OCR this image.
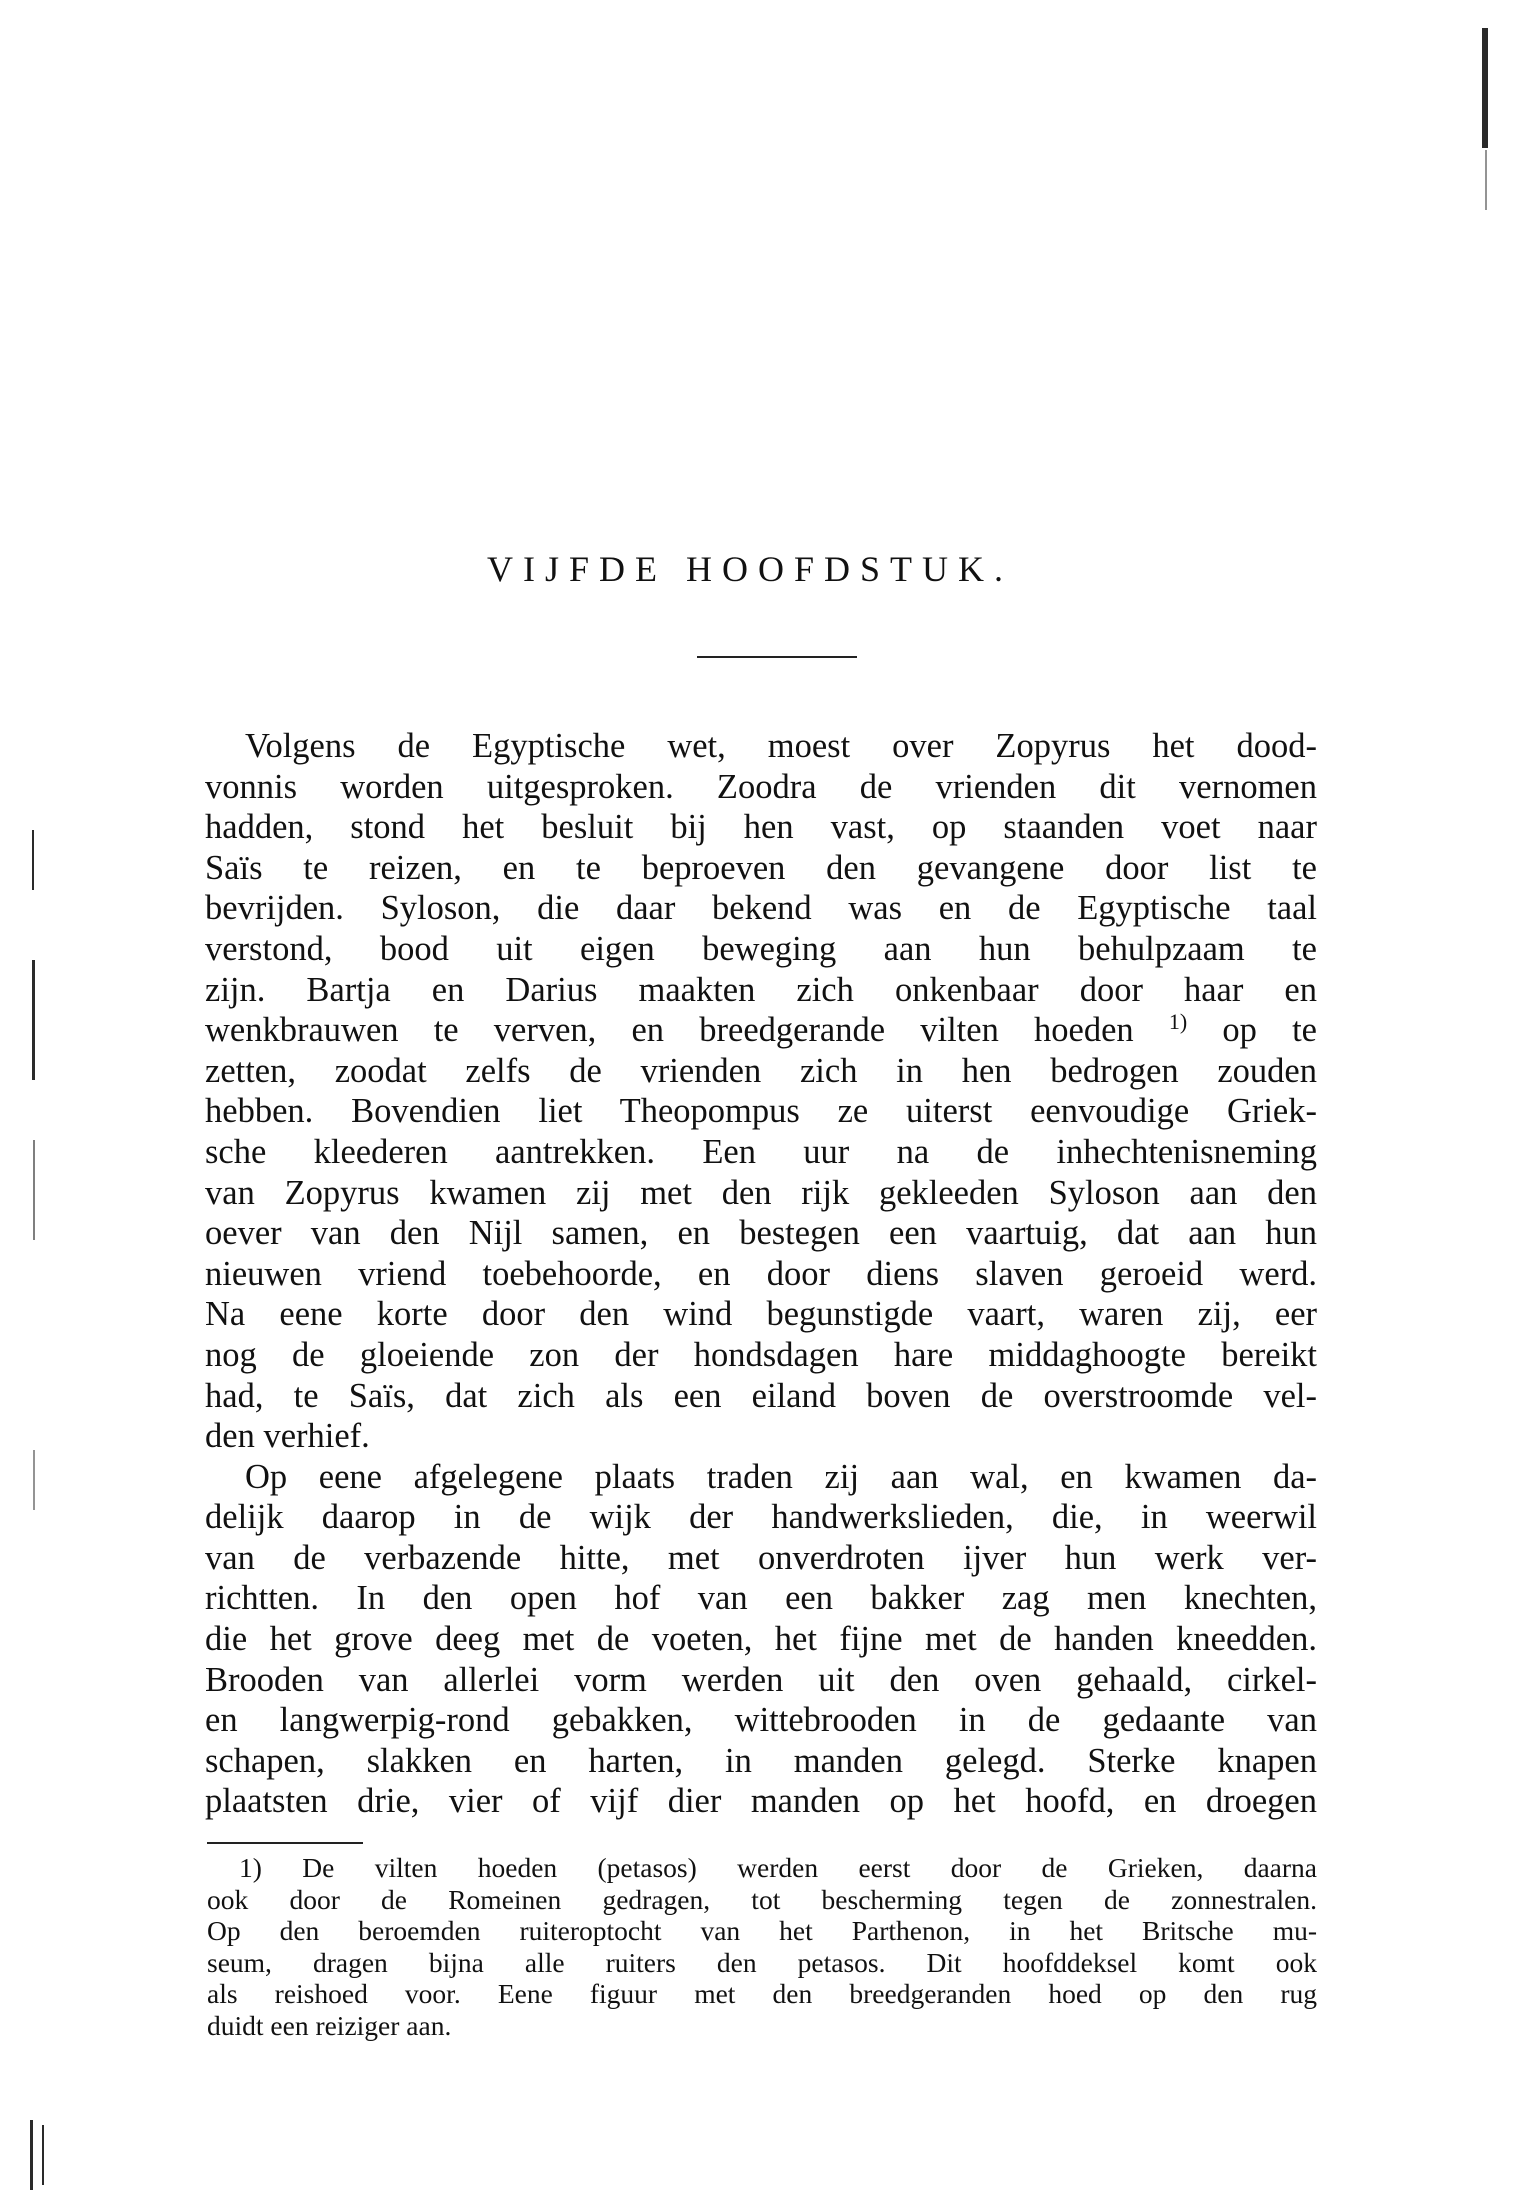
VIJFDE HOOFDSTUK.
Volgens de Egyptische wet, moest over Zopyrus het dood-
vonnis worden uitgesproken. Zoodra de vrienden dit vernomen
hadden, stond het besluit bij hen vast, op staanden voet naar
Saïs te reizen, en te beproeven den gevangene door list te
bevrijden. Syloson, die daar bekend was en de Egyptische taal
verstond, bood uit eigen beweging aan hun behulpzaam te
zijn. Bartja en Darius maakten zich onkenbaar door haar en
wenkbrauwen te verven, en breedgerande vilten hoeden $^{1)}$ op te
zetten, zoodat zelfs de vrienden zich in hen bedrogen zouden
hebben. Bovendien liet Theopompus ze uiterst eenvoudige Griek-
sche kleederen aantrekken. Een uur na de inhechtenisneming
van Zopyrus kwamen zij met den rijk gekleeden Syloson aan den
oever van den Nijl samen, en bestegen een vaartuig, dat aan hun
nieuwen vriend toebehoorde, en door diens slaven geroeid werd.
Na eene korte door den wind begunstigde vaart, waren zij, eer
nog de gloeiende zon der hondsdagen hare middaghoogte bereikt
had, te Saïs, dat zich als een eiland boven de overstroomde vel-
den verhief.
Op eene afgelegene plaats traden zij aan wal, en kwamen da-
delijk daarop in de wijk der handwerkslieden, die, in weerwil
van de verbazende hitte, met onverdroten ijver hun werk ver-
richtten. In den open hof van een bakker zag men knechten,
die het grove deeg met de voeten, het fijne met de handen kneedden.
Brooden van allerlei vorm werden uit den oven gehaald, cirkel-
en langwerpig-rond gebakken, wittebrooden in de gedaante van
schapen, slakken en harten, in manden gelegd. Sterke knapen
plaatsten drie, vier of vijf dier manden op het hoofd, en droegen
1) De vilten hoeden (petasos) werden eerst door de Grieken, daarna
ook door de Romeinen gedragen, tot bescherming tegen de zonnestralen.
Op den beroemden ruiteroptocht van het Parthenon, in het Britsche mu-
seum, dragen bijna alle ruiters den petasos. Dit hoofddeksel komt ook
als reishoed voor. Eene figuur met den breedgeranden hoed op den rug
duidt een reiziger aan.
